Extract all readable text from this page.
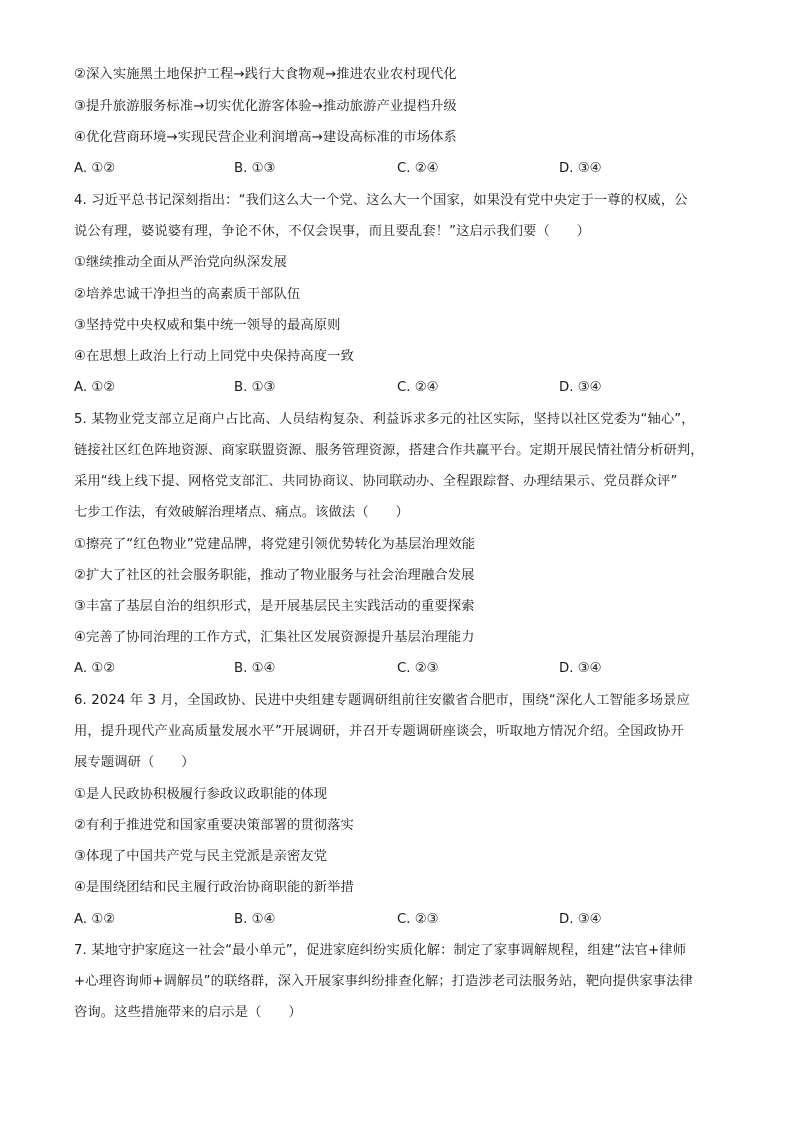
②深入实施黑土地保护工程→践行大食物观→推进农业农村现代化
③提升旅游服务标准→切实优化游客体验→推动旅游产业提档升级
④优化营商环境→实现民营企业利润增高→建设高标准的市场体系
A. ①②	B. ①③	C. ②④	D. ③④
4. 习近平总书记深刻指出：“我们这么大一个党、这么大一个国家，如果没有党中央定于一尊的权威，公
说公有理，婆说婆有理，争论不休，不仅会误事，而且要乱套！”这启示我们要（　　）
①继续推动全面从严治党向纵深发展
②培养忠诚干净担当的高素质干部队伍
③坚持党中央权威和集中统一领导的最高原则
④在思想上政治上行动上同党中央保持高度一致
A. ①②	B. ①③	C. ②④	D. ③④
5. 某物业党支部立足商户占比高、人员结构复杂、利益诉求多元的社区实际，坚持以社区党委为“轴心”，
链接社区红色阵地资源、商家联盟资源、服务管理资源，搭建合作共赢平台。定期开展民情社情分析研判，
采用“线上线下提、网格党支部汇、共同协商议、协同联动办、全程跟踪督、办理结果示、党员群众评”
七步工作法，有效破解治理堵点、痛点。该做法（　　）
①擦亮了“红色物业”党建品牌，将党建引领优势转化为基层治理效能
②扩大了社区的社会服务职能，推动了物业服务与社会治理融合发展
③丰富了基层自治的组织形式，是开展基层民主实践活动的重要探索
④完善了协同治理的工作方式，汇集社区发展资源提升基层治理能力
A. ①②	B. ①④	C. ②③	D. ③④
6. 2024 年 3 月，全国政协、民进中央组建专题调研组前往安徽省合肥市，围绕“深化人工智能多场景应
用，提升现代产业高质量发展水平”开展调研，并召开专题调研座谈会，听取地方情况介绍。全国政协开
展专题调研（　　）
①是人民政协积极履行参政议政职能的体现
②有利于推进党和国家重要决策部署的贯彻落实
③体现了中国共产党与民主党派是亲密友党
④是围绕团结和民主履行政治协商职能的新举措
A. ①②	B. ①④	C. ②③	D. ③④
7. 某地守护家庭这一社会“最小单元”，促进家庭纠纷实质化解：制定了家事调解规程，组建“法官+律师
+心理咨询师+调解员”的联络群，深入开展家事纠纷排查化解；打造涉老司法服务站，靶向提供家事法律
咨询。这些措施带来的启示是（　　）
